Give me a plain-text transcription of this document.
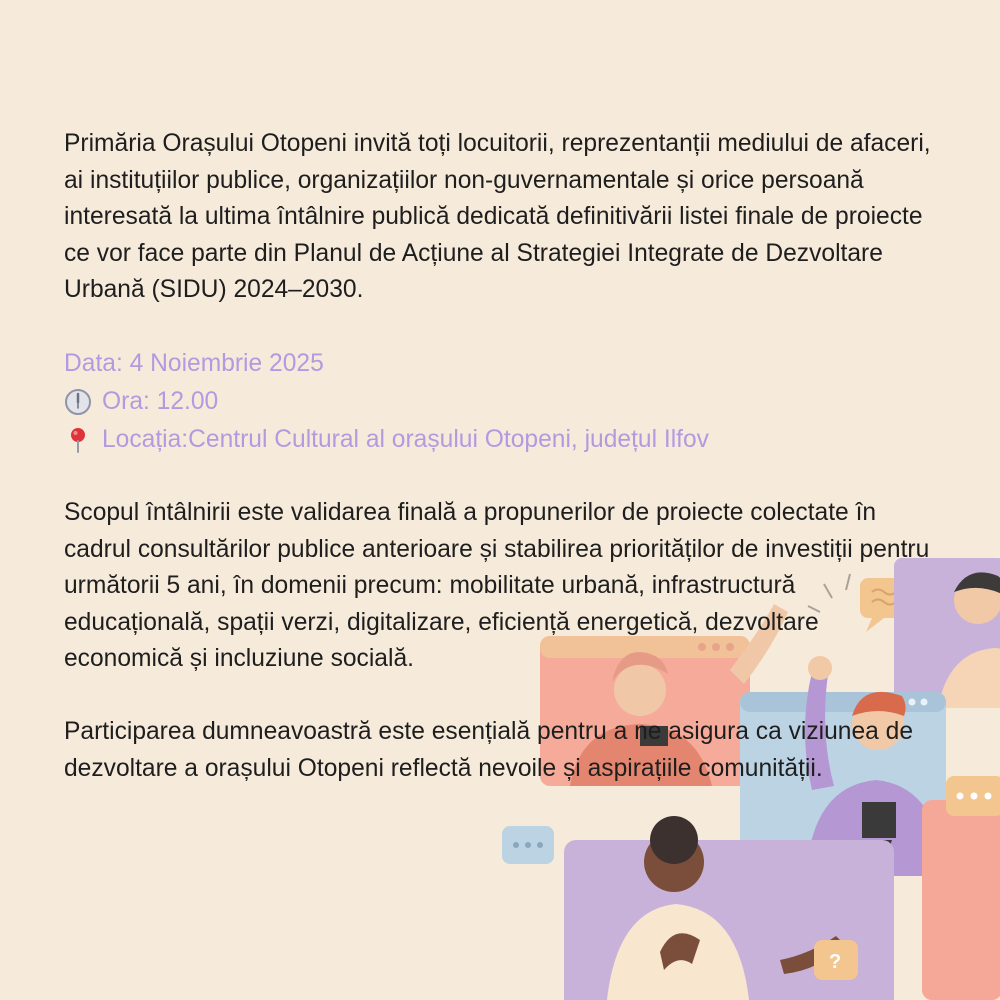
?

Primăria Orașului Otopeni invită toți locuitorii, reprezentanții mediului de afaceri, ai instituțiilor publice, organizațiilor non-guvernamentale și orice persoană interesată la ultima întâlnire publică dedicată definitivării listei finale de proiecte ce vor face parte din Planul de Acțiune al Strategiei Integrate de Dezvoltare Urbană (SIDU) 2024–2030.

Data: 4 Noiembrie 2025
Ora: 12.00
Locația:Centrul Cultural al orașului Otopeni, județul Ilfov

Scopul întâlnirii este validarea finală a propunerilor de proiecte colectate în cadrul consultărilor publice anterioare și stabilirea priorităților de investiții pentru următorii 5 ani, în domenii precum: mobilitate urbană, infrastructură educațională, spații verzi, digitalizare, eficiență energetică, dezvoltare economică și incluziune socială.

Participarea dumneavoastră este esențială pentru a ne asigura ca viziunea de dezvoltare a orașului Otopeni reflectă nevoile și aspirațiile comunității.
